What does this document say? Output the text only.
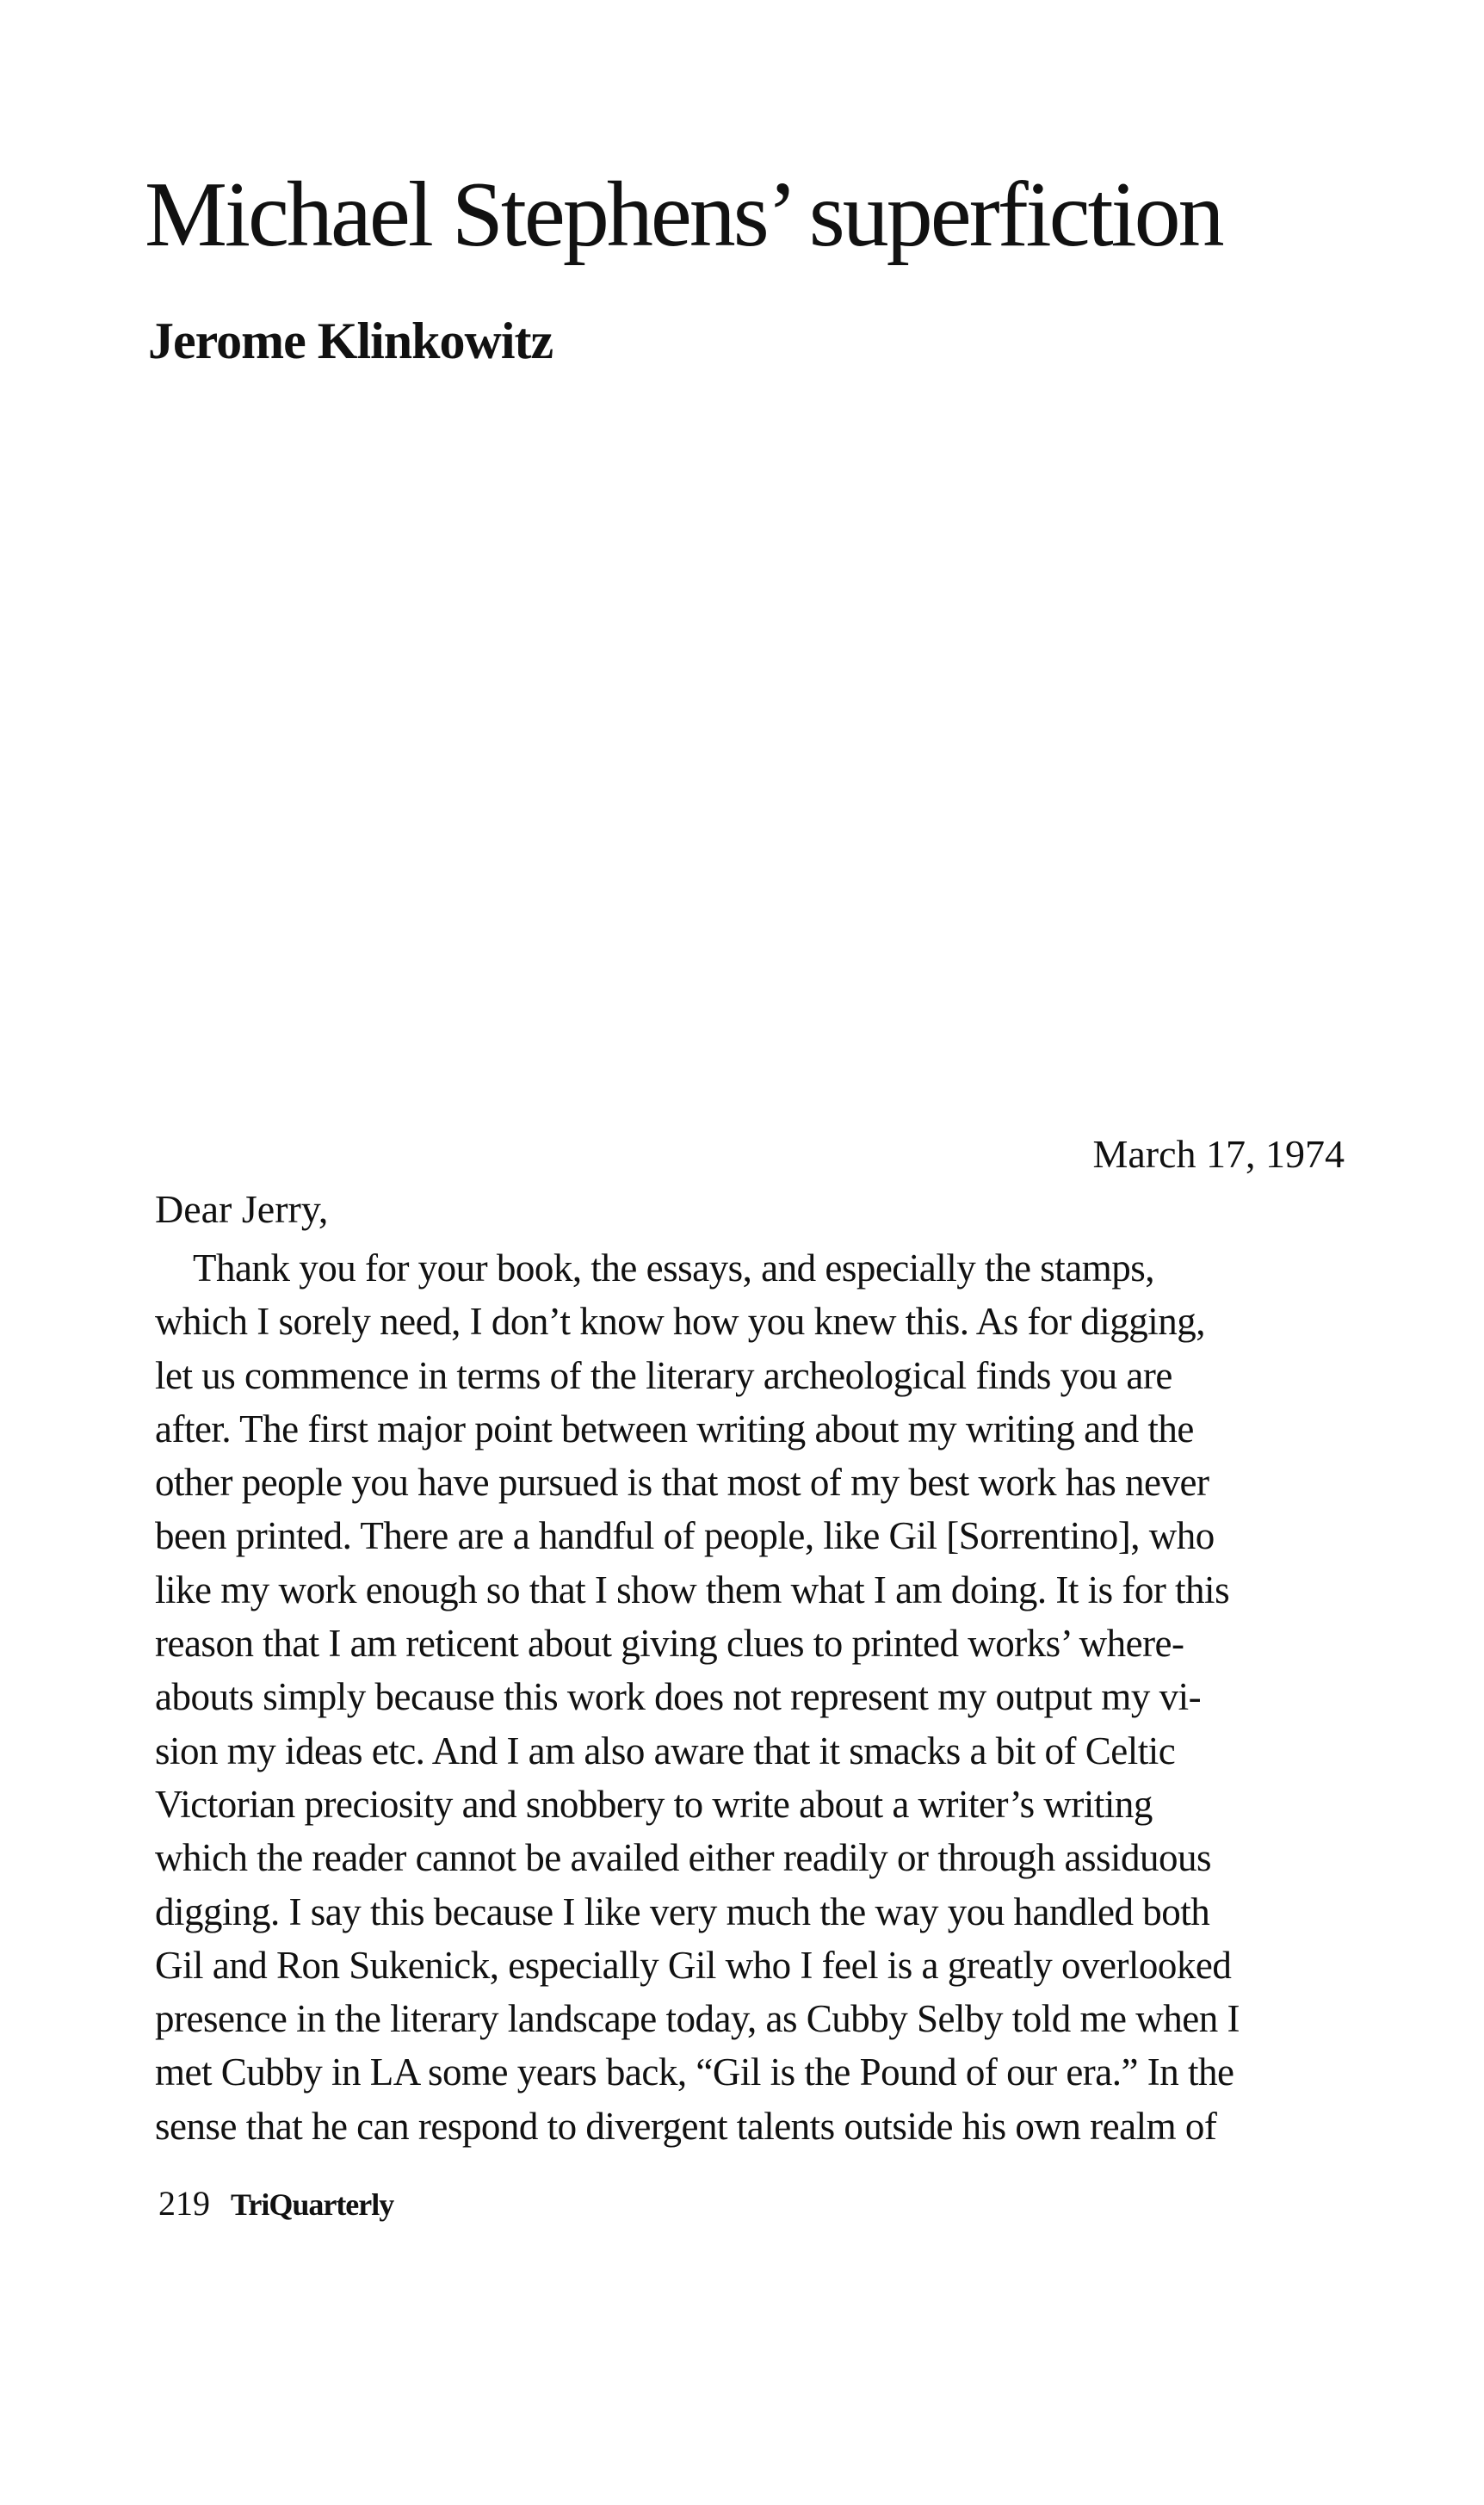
Michael Stephens’ superfiction
Jerome Klinkowitz
March 17, 1974
Dear Jerry,
Thank you for your book, the essays, and especially the stamps,
which I sorely need, I don’t know how you knew this. As for digging,
let us commence in terms of the literary archeological finds you are
after. The first major point between writing about my writing and the
other people you have pursued is that most of my best work has never
been printed. There are a handful of people, like Gil [Sorrentino], who
like my work enough so that I show them what I am doing. It is for this
reason that I am reticent about giving clues to printed works’ where-
abouts simply because this work does not represent my output my vi-
sion my ideas etc. And I am also aware that it smacks a bit of Celtic
Victorian preciosity and snobbery to write about a writer’s writing
which the reader cannot be availed either readily or through assiduous
digging. I say this because I like very much the way you handled both
Gil and Ron Sukenick, especially Gil who I feel is a greatly overlooked
presence in the literary landscape today, as Cubby Selby told me when I
met Cubby in LA some years back, “Gil is the Pound of our era.” In the
sense that he can respond to divergent talents outside his own realm of
219 TriQuarterly
